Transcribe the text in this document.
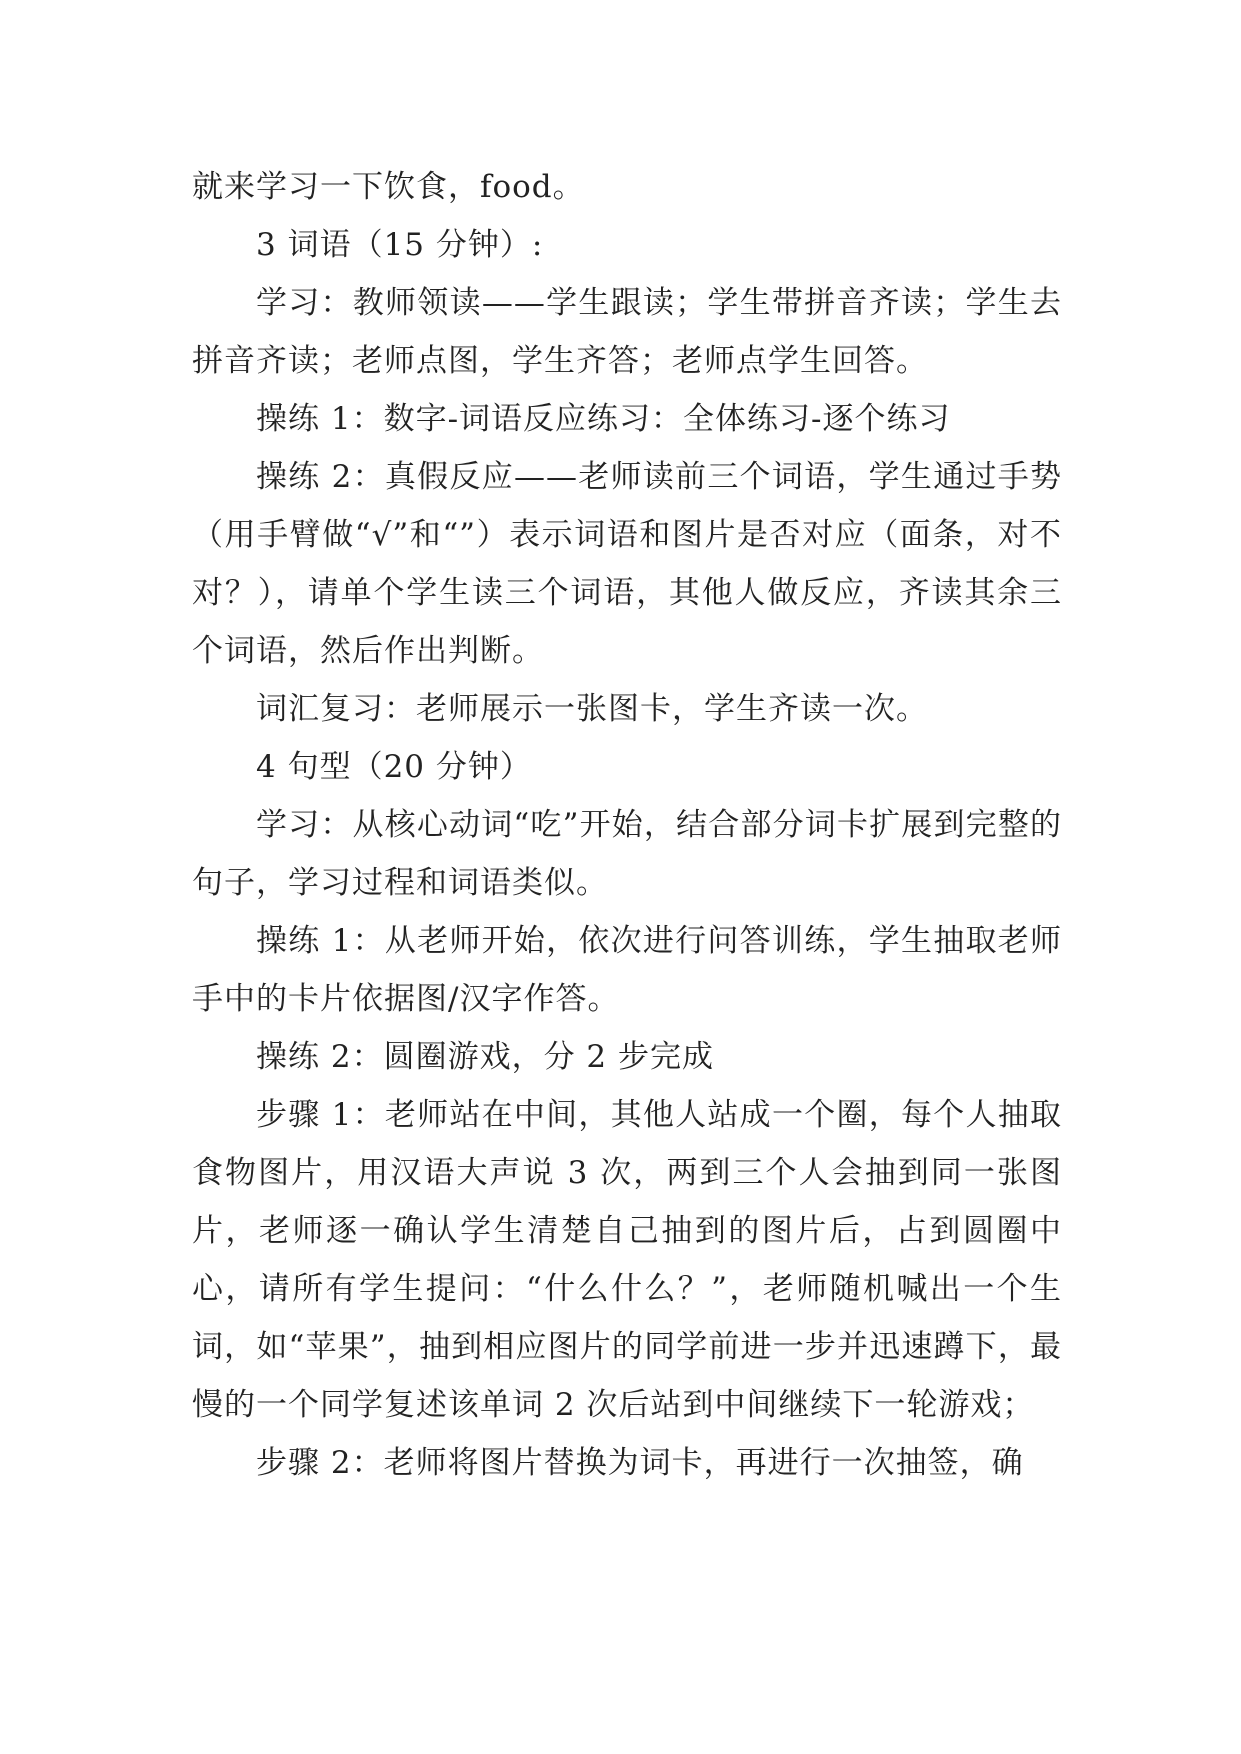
就来学习一下饮食，food。

3 词语（15 分钟）:

学习：教师领读——学生跟读；学生带拼音齐读；学生去拼音齐读；老师点图，学生齐答；老师点学生回答。

操练 1：数字-词语反应练习：全体练习-逐个练习

操练 2：真假反应——老师读前三个词语，学生通过手势（用手臂做“√”和“”）表示词语和图片是否对应（面条，对不对？），请单个学生读三个词语，其他人做反应，齐读其余三个词语，然后作出判断。

词汇复习：老师展示一张图卡，学生齐读一次。

4 句型（20 分钟）

学习：从核心动词“吃”开始，结合部分词卡扩展到完整的句子，学习过程和词语类似。

操练 1：从老师开始，依次进行问答训练，学生抽取老师手中的卡片依据图/汉字作答。

操练 2：圆圈游戏，分 2 步完成

步骤 1：老师站在中间，其他人站成一个圈，每个人抽取食物图片，用汉语大声说 3 次，两到三个人会抽到同一张图片，老师逐一确认学生清楚自己抽到的图片后，占到圆圈中心，请所有学生提问：“什么什么？”，老师随机喊出一个生词，如“苹果”，抽到相应图片的同学前进一步并迅速蹲下，最慢的一个同学复述该单词 2 次后站到中间继续下一轮游戏；

步骤 2：老师将图片替换为词卡，再进行一次抽签，确
